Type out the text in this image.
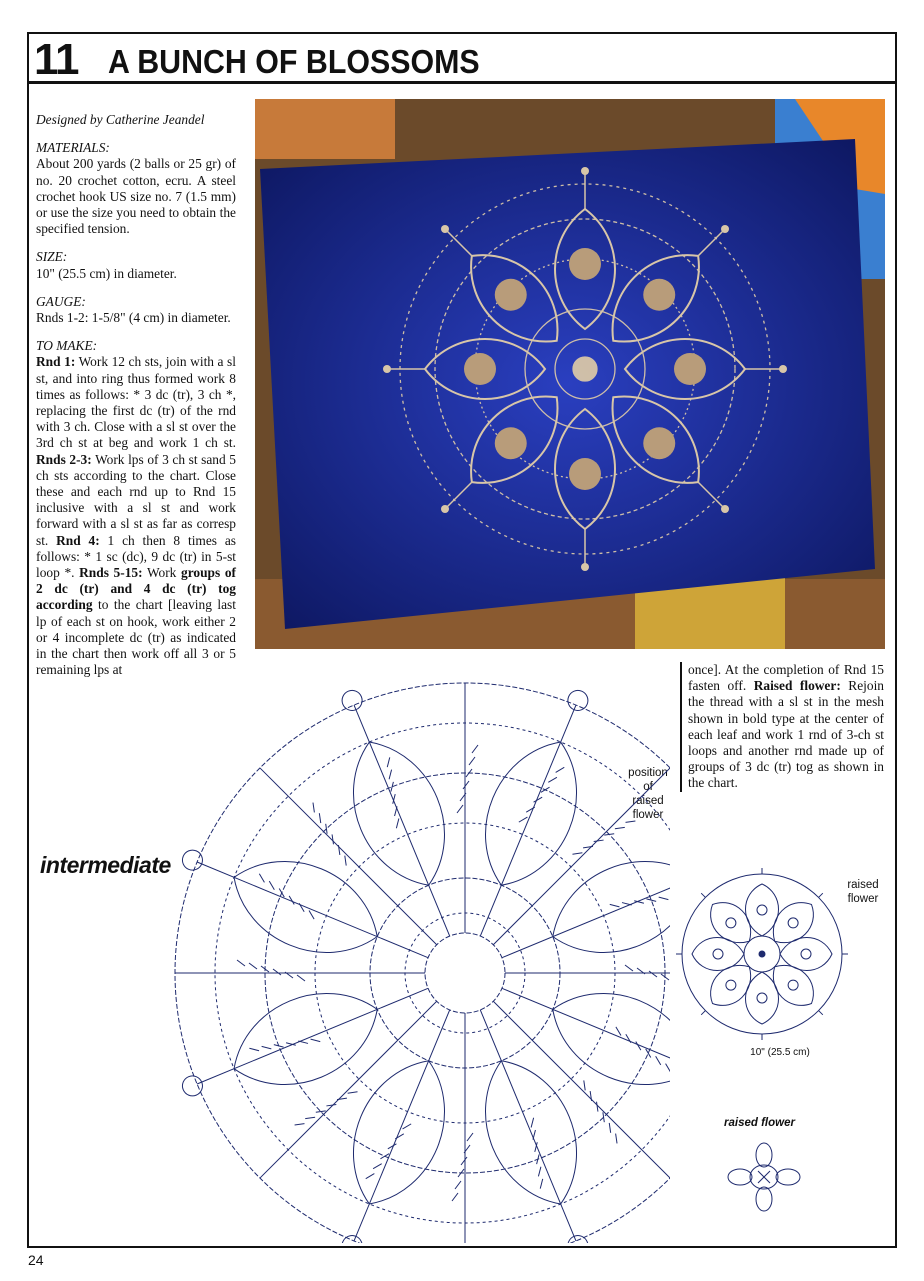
11 A BUNCH OF BLOSSOMS

Designed by Catherine Jeandel

MATERIALS:

About 200 yards (2 balls or 25 gr) of no. 20 crochet cotton, ecru. A steel crochet hook US size no. 7 (1.5 mm) or use the size you need to obtain the specified tension.

SIZE:

10" (25.5 cm) in diameter.

GAUGE:

Rnds 1-2: 1-5/8" (4 cm) in diameter.

TO MAKE:
Rnd 1: Work 12 ch sts, join with a sl st, and into ring thus formed work 8 times as follows: * 3 dc (tr), 3 ch *, replacing the first dc (tr) of the rnd with 3 ch. Close with a sl st over the 3rd ch st at beg and work 1 ch st. Rnds 2-3: Work lps of 3 ch st sand 5 ch sts according to the chart. Close these and each rnd up to Rnd 15 inclusive with a sl st and work forward with a sl st as far as corresp st. Rnd 4: 1 ch then 8 times as follows: * 1 sc (dc), 9 dc (tr) in 5-st loop *. Rnds 5-15: Work groups of 2 dc (tr) and 4 dc (tr) tog according to the chart [leaving last lp of each st on hook, work either 2 or 4 incomplete dc (tr) as indicated in the chart then work off all 3 or 5 remaining lps at	once]. At the completion of Rnd 15 fasten off. Raised flower: Rejoin the thread with a sl st in the mesh shown in bold type at the center of each leaf and work 1 rnd of 3-ch st loops and another rnd made up of groups of 3 dc (tr) tog as shown in the chart.
position
of
raised
flower
raised
flower
intermediate
10" (25.5 cm)
raised flower
24
